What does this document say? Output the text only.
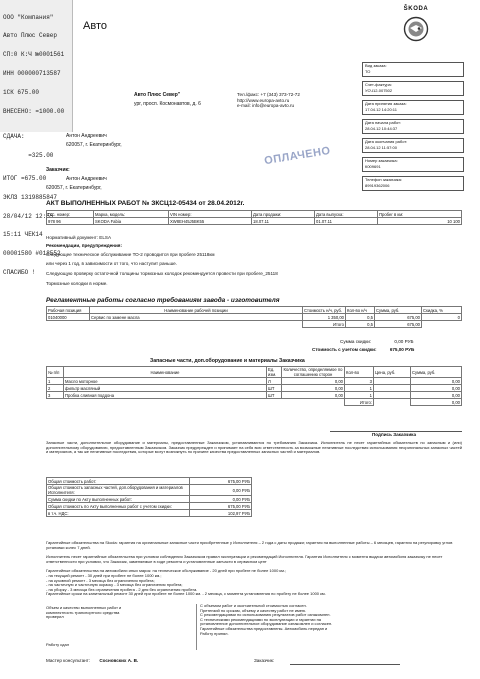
ООО "Компания"

Авто Плюс Север

CП:0 К:Ч №0001561

ИНН 000000713587

1СК 675.00

ВНЕСЕНО: =1000.00

СДАЧА:

=325.00

ИТОГ =675.00

ЭКЛЗ 1319885847

28/04/12 12:55

15:11 ЧЕК14

00001580 #018552

СПАСИБО !

Авто
ŠKODA
Авто Плюс Север"
ург, просп. Космонавтов, д. 6
Тел./факс: +7 (343) 373-72-72
http://www.europa-avto.ru
e-mail: info@europa-avto.ru
Вид заказа:
ТО
Счет-фактура:
УСЧ12-007502
Дата принятия заказа:
17.04.12 14:20:11
Дата начала работ:
28.04.12 10:44:37
Дата окончания работ:
28.04.12 11:57:00
Номер заказчика:
К009691
Телефон заказчика:
89919362006
Антон Андреевич
620057, г. Екатеринбург,	ОПЛАЧЕНО
Заказчик:
Антон Андреевич
620057, г. Екатеринбург,
АКТ ВЫПОЛНЕННЫХ РАБОТ № ЗКСЦ12-05434 от 28.04.2012г.
Гос. номер:	Марка, модель:	VIN номер:	Дата продажи:	Дата выпуска:	Пробег в км:
978 96	SKODA Fabia	XW8EH45J5BK55	18.07.11	01.07.11	10 100
Нормативный документ: ELSA
Рекомендации, предупреждения:
Следующее техническое обслуживание ТО-2 проводится при пробеге 25118км
или через 1 год, в зависимости от того, что наступит раньше.
Следующую проверку остаточной толщины тормозных колодок рекомендуется провести при пробеге_25118
Тормозные колодки в норме.
Регламентные работы согласно требованиям завода - изготовителя
Рабочая позиция	Наименование рабочей позиции	Стоимость н/ч, руб.	Кол-во н/ч	Сумма, руб.	Скидка, %
01040000	Сервис по замене масла	1 350,00	0,5	675,00	0
		Итого	0,5	675,00	
Сумма скидки:	0,00 РУБ
Стоимость с учетом скидки:	675,00 РУБ
Запасные части, доп.оборудование и материалы Заказчика
№ п/п	Наименование	Ед. изм.	Количество, определяемое по соглашению сторон	Кол-во	Цена, руб.	Сумма, руб.
1	Масло моторное	Л	0,00	3		0,00
2	фильтр масляный	ШТ	0,00	1		0,00
3	Пробка сливная поддона	ШТ	0,00	1		0,00
				Итого:		0,00
Подпись Заказчика
Запасные части, дополнительное оборудование и материалы, предоставленные Заказчиком, устанавливаются по требованию Заказчика. Исполнитель не несет гарантийных обязательств по запасным и (или) дополнительному оборудованию, предоставленным Заказчиком. Заказчик предупрежден и принимает на себя всю ответственность за возможные негативные последствия использования неоригинальных запасных частей и материалов, а так же негативные последствия, которые могут возникнуть по причине качества предоставленных запасных частей и материалов.
Общая стоимость работ:	675,00 РУБ
Общая стоимость запасных частей, доп.оборудования и материалов Исполнителя:	0,00 РУБ
Сумма скидки по Акту выполненных работ:	0,00 РУБ
Общая стоимость по Акту выполненных работ с учетом скидки:	675,00 РУБ
в т.ч. НДС:	102,97 РУБ
Гарантийные обязательства на Skoda: гарантия на оригинальные запасные части приобретенные у Исполнителя – 2 года с даты продажи; гарантия на выполненные работы – 6 месяцев, гарантия на регулировку углов установки колес 7 дней.
Исполнитель несет гарантийные обязательства при условии соблюдения Заказчиком правил эксплуатации и рекомендаций Исполнителя. Гарантия Исполнителя с момента выдачи автомобиля заказчику не несет ответственности при условии, что Заказчик, заменяемые в ходе ремонта и установленные запчасти в сервисном цент
Гарантийные обязательства на автомобили иных марок: на техническое обслуживание - 20 дней при пробеге не более 1000 км.;
- на текущий ремонт - 30 дней при пробеге не более 1000 км.;
- на кузовной ремонт - 3 месяца без ограничения пробега;
- на частичную и частичную окраску - 3 месяца без ограничения пробега;
- на уборку - 3 месяца без ограничения пробега - 2 дня без ограничения пробега.
Гарантийные сроки на капитальный ремонт 30 дней при пробеге не более 1000 км. - 2 месяца, с момента установления по пробегу не более 1000 км.
Объем и качество выполненных работ и
комплектность транспортного средства
проверил
С объемом работ и окончательной стоимостью согласен.
Претензий по срокам, объему и качеству работ не имею.
С рекомендациями по использованию результатов работ ознакомлен.
С техническими рекомендациями по эксплуатации и гарантии на
установленное дополнительное оборудование ознакомлен и согласен.
Гарантийные обязательства предоставлены. Автомобиль передан и
Работу принял.
Работу сдал
Мастер консультант: Сосновских А. В.	Заказчик:
